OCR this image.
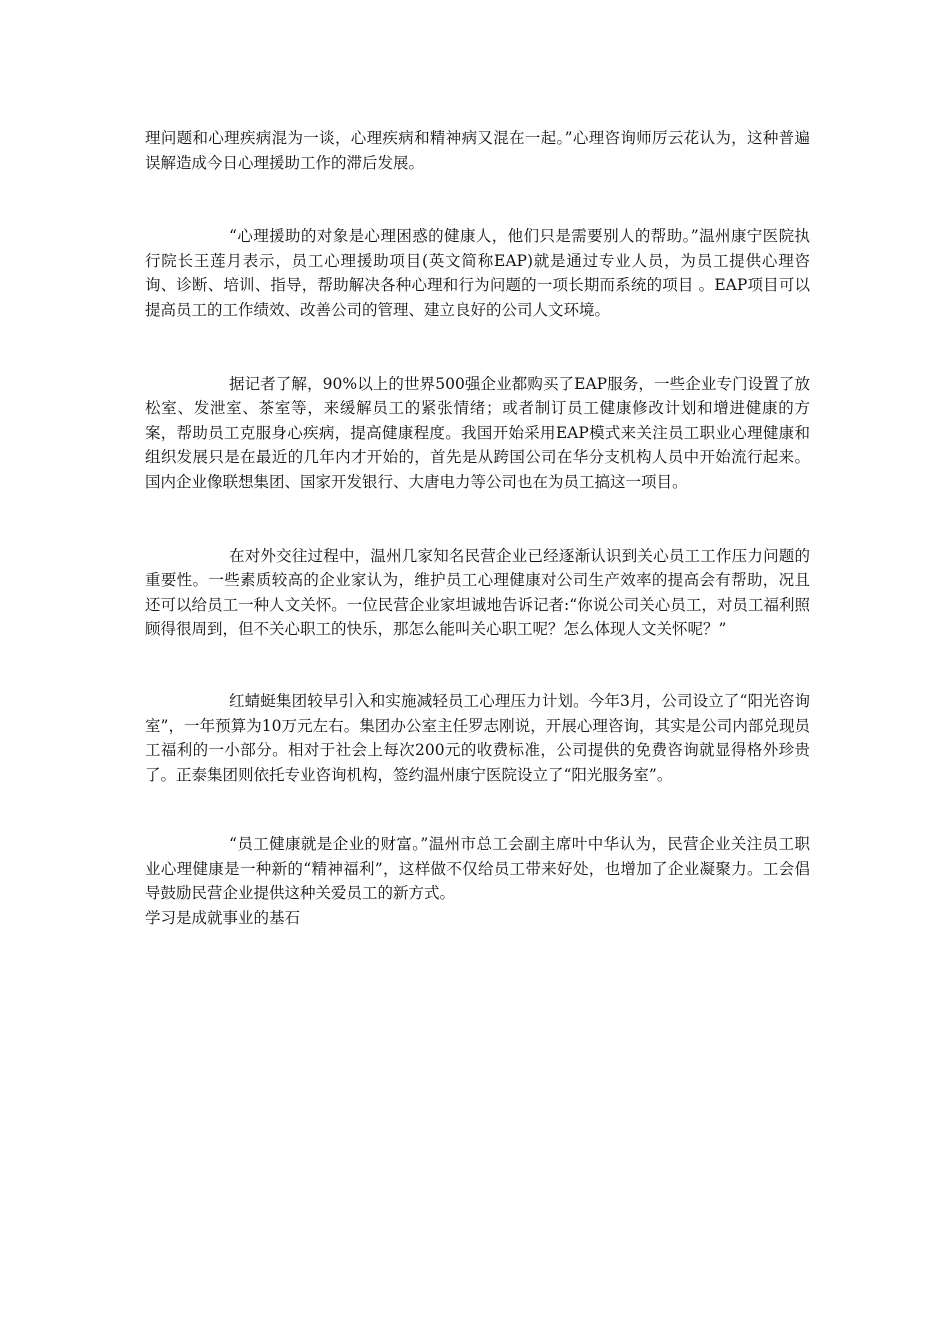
理问题和心理疾病混为一谈，心理疾病和精神病又混在一起。”心理咨询师厉云花认为，这种普遍误解造成今日心理援助工作的滞后发展。

“心理援助的对象是心理困惑的健康人，他们只是需要别人的帮助。”温州康宁医院执行院长王莲月表示，员工心理援助项目(英文简称EAP)就是通过专业人员，为员工提供心理咨询、诊断、培训、指导，帮助解决各种心理和行为问题的一项长期而系统的项目 。EAP项目可以提高员工的工作绩效、改善公司的管理、建立良好的公司人文环境。

据记者了解，90%以上的世界500强企业都购买了EAP服务，一些企业专门设置了放松室、发泄室、茶室等，来缓解员工的紧张情绪；或者制订员工健康修改计划和增进健康的方案，帮助员工克服身心疾病，提高健康程度。我国开始采用EAP模式来关注员工职业心理健康和组织发展只是在最近的几年内才开始的，首先是从跨国公司在华分支机构人员中开始流行起来。国内企业像联想集团、国家开发银行、大唐电力等公司也在为员工搞这一项目。

在对外交往过程中，温州几家知名民营企业已经逐渐认识到关心员工工作压力问题的重要性。一些素质较高的企业家认为，维护员工心理健康对公司生产效率的提高会有帮助，况且还可以给员工一种人文关怀。一位民营企业家坦诚地告诉记者:“你说公司关心员工，对员工福利照顾得很周到，但不关心职工的快乐，那怎么能叫关心职工呢？怎么体现人文关怀呢？”

红蜻蜓集团较早引入和实施减轻员工心理压力计划。今年3月，公司设立了“阳光咨询室”，一年预算为10万元左右。集团办公室主任罗志刚说，开展心理咨询，其实是公司内部兑现员工福利的一小部分。相对于社会上每次200元的收费标准，公司提供的免费咨询就显得格外珍贵了。正泰集团则依托专业咨询机构，签约温州康宁医院设立了“阳光服务室”。

“员工健康就是企业的财富。”温州市总工会副主席叶中华认为，民营企业关注员工职业心理健康是一种新的“精神福利”，这样做不仅给员工带来好处，也增加了企业凝聚力。工会倡导鼓励民营企业提供这种关爱员工的新方式。

学习是成就事业的基石
